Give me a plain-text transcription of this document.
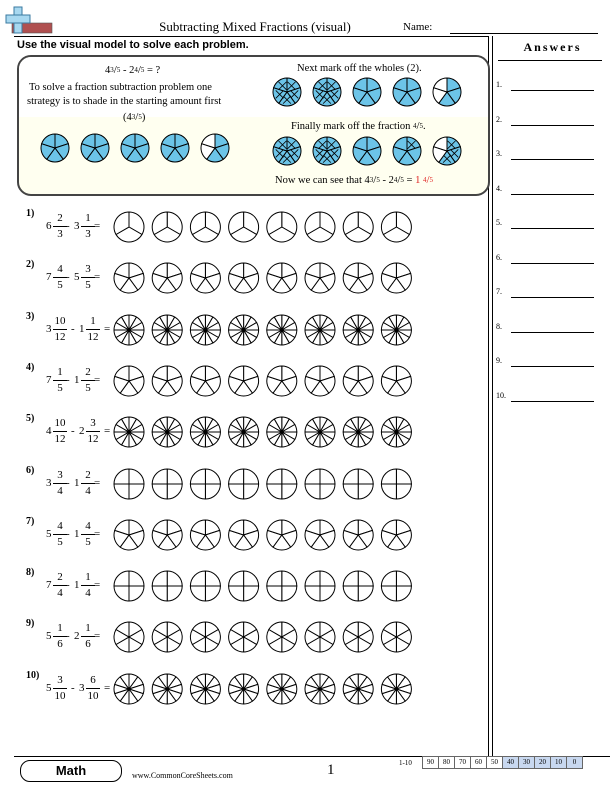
Subtracting Mixed Fractions (visual)	Name:
Use the visual model to solve each problem.	Answers
1.
2.
3.
4.
5.
6.
7.
8.
9.
10.
$4^3/5 - 2^4/5$ = ?
To solve a fraction subtraction problem one
strategy is to shade in the starting amount first
$(4^3/5)$
Next mark off the wholes (2).
Finally mark off the fraction $^4$/5.
Now we can see that $4^3/5 - 2^4/5 = 1$ $^4$/5
1)
6
2
3
- 3
1
3
=
2)
7
4
5
- 5
3
5
=
3)
3
10
12
- 1
1
12
=
4)
7
1
5
- 1
2
5
=
5)
4
10
12
- 2
3
12
=
6)
3
3
4
- 1
2
4
=
7)
5
4
5
- 1
4
5
=
8)
7
2
4
- 1
1
4
=
9)
5
1
6
- 2
1
6
=
10)
5
3
10
- 3
6
10
=
Math	www.CommonCoreSheets.com	1	1-10	90	80	70	60	50	40	30	20	10	0
